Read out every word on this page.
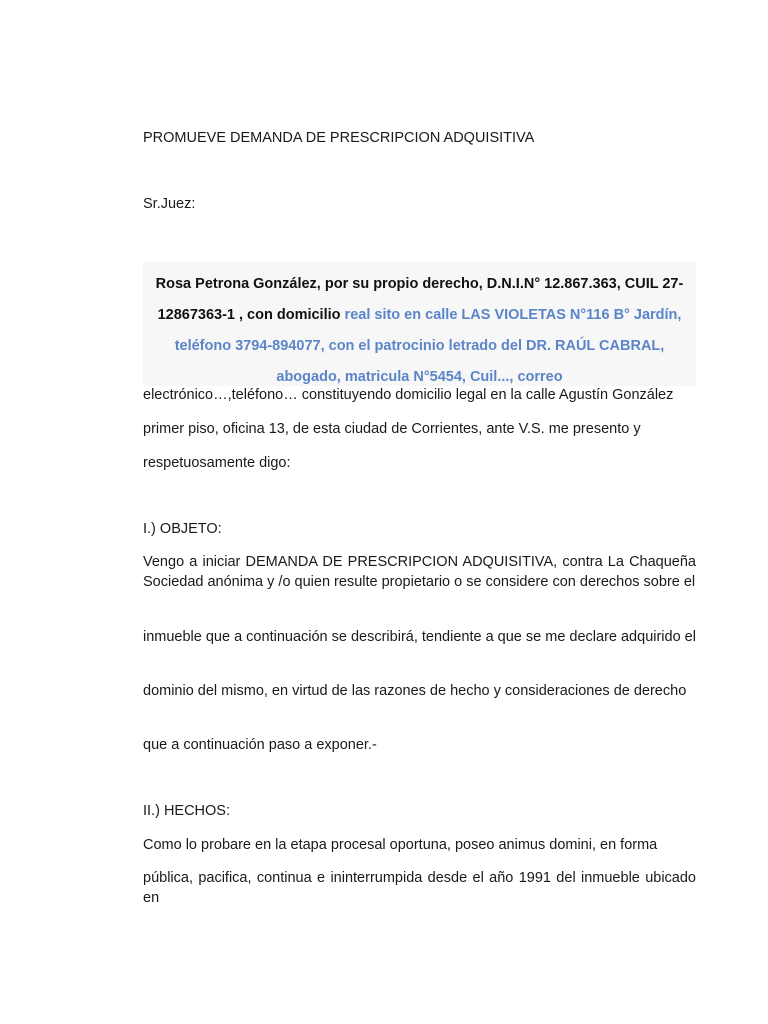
PROMUEVE DEMANDA DE PRESCRIPCION ADQUISITIVA
Sr.Juez:
Rosa Petrona González, por su propio derecho, D.N.I.N° 12.867.363, CUIL 27-12867363-1 , con domicilio real sito en calle LAS VIOLETAS N°116 B° Jardín, teléfono 3794-894077, con el patrocinio letrado del DR. RAÚL CABRAL, abogado, matricula N°5454, Cuil..., correo
electrónico…,teléfono… constituyendo domicilio legal en la calle Agustín González
primer piso, oficina 13, de esta ciudad de Corrientes, ante V.S. me presento y
respetuosamente digo:
I.) OBJETO:
Vengo a iniciar DEMANDA DE PRESCRIPCION ADQUISITIVA, contra La Chaqueña Sociedad anónima y /o quien resulte propietario o se considere con derechos sobre el
inmueble que a continuación se describirá, tendiente a que se me declare adquirido el
dominio del mismo, en virtud de las razones de hecho y consideraciones de derecho
que a continuación paso a exponer.-
II.) HECHOS:
Como lo probare en la etapa procesal oportuna, poseo animus domini, en forma
pública, pacifica, continua e ininterrumpida desde el año 1991 del inmueble ubicado en
